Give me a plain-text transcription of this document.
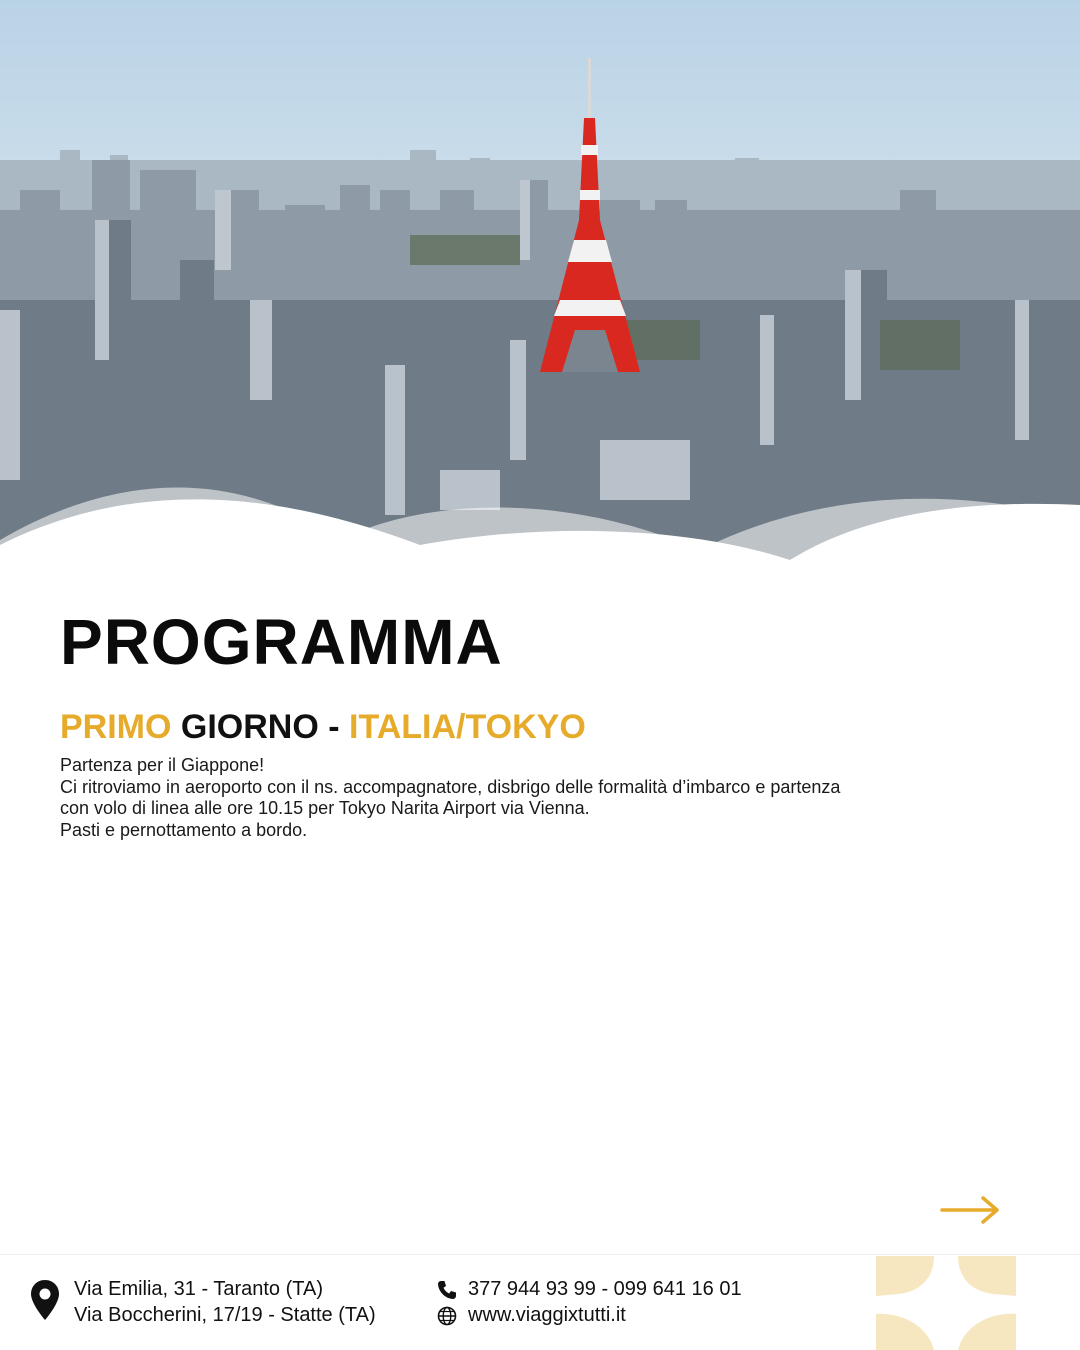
PROGRAMMA
PRIMO GIORNO - ITALIA/TOKYO

Partenza per il Giappone!

Ci ritroviamo in aeroporto con il ns. accompagnatore, disbrigo delle formalità d’imbarco e partenza

con volo di linea alle ore 10.15 per Tokyo Narita Airport via Vienna.

Pasti e pernottamento a bordo.

Via Emilia, 31 - Taranto (TA)
Via Boccherini, 17/19 - Statte (TA)
377 944 93 99 - 099 641 16 01
www.viaggixtutti.it
